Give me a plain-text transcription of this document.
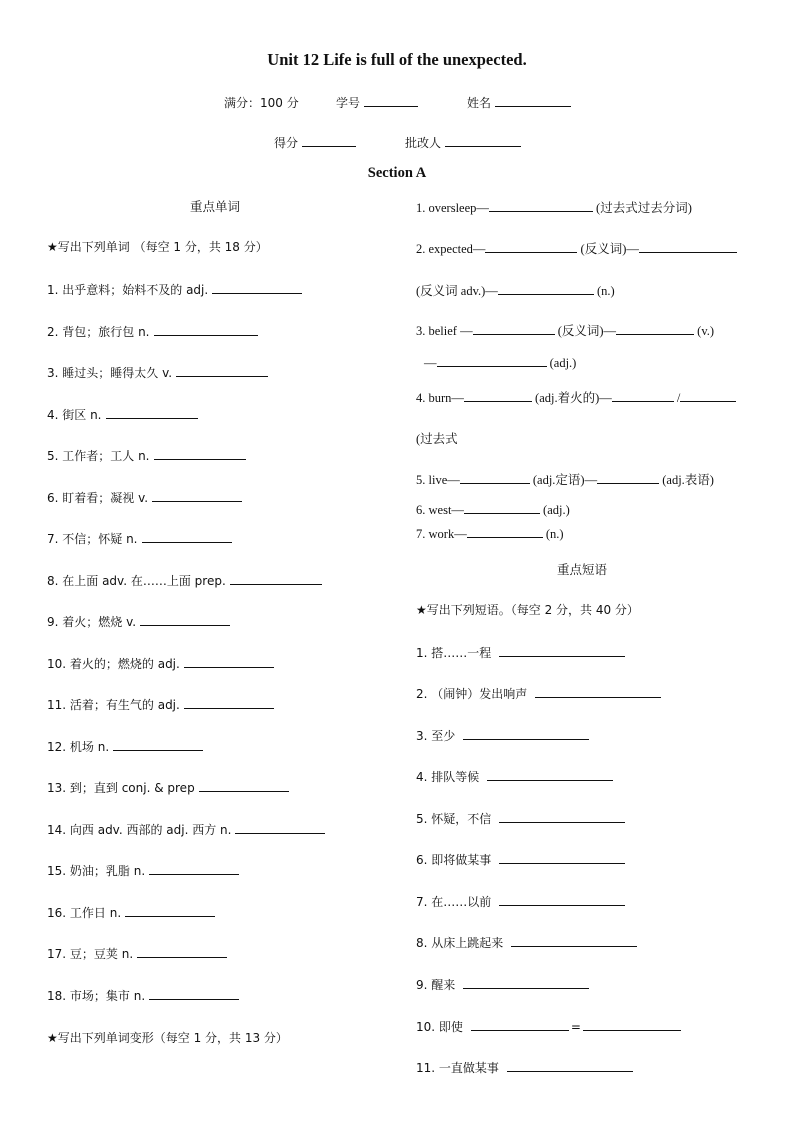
Unit 12 Life is full of the unexpected.
满分：100 分	学号	姓名
得分	批改人
Section A
重点单词
★写出下列单词 （每空 1 分，共 18 分）
1. 出乎意料；始料不及的 adj.
2. 背包；旅行包 n.
3. 睡过头；睡得太久 v.
4. 街区 n.
5. 工作者；工人 n.
6. 盯着看；凝视 v.
7. 不信；怀疑 n.
8. 在上面 adv. 在……上面 prep.
9. 着火；燃烧 v.
10. 着火的；燃烧的 adj.
11. 活着；有生气的 adj.
12. 机场 n.
13. 到；直到 conj. & prep
14. 向西 adv. 西部的 adj. 西方 n.
15. 奶油；乳脂 n.
16. 工作日 n.
17. 豆；豆荚 n.
18. 市场；集市 n.
★写出下列单词变形（每空 1 分，共 13 分）
1. oversleep—	(过去式过去分词)
2. expected—	(反义词)—
(反义词 adv.)—	(n.)
3. belief —	(反义词)—	(v.)
—	(adj.)
4. burn—	(adj.着火的)—	/
(过去式
5. live—	(adj.定语)—	(adj.表语)
6. west—	(adj.)
7. work—	(n.)
重点短语
★写出下列短语。（每空 2 分，共 40 分）
1. 搭……一程
2. （闹钟）发出响声
3. 至少
4. 排队等候
5. 怀疑，不信
6. 即将做某事
7. 在……以前
8. 从床上跳起来
9. 醒来
10. 即使	=
11. 一直做某事
